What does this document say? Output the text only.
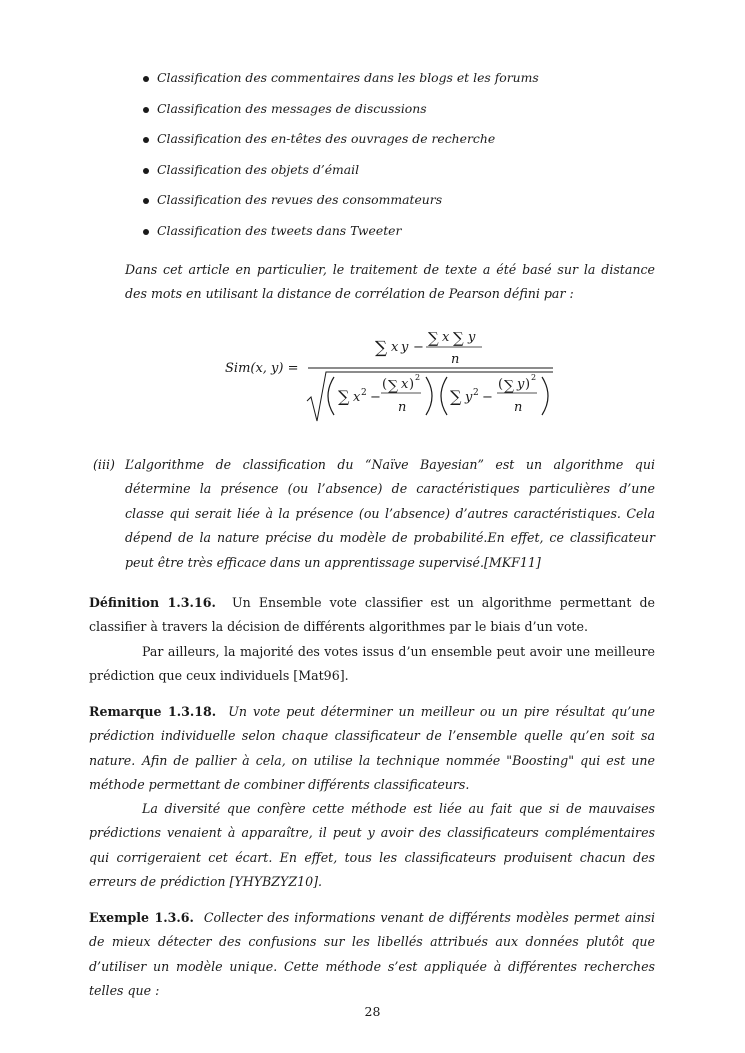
Classification des commentaires dans les blogs et les forums
Classification des messages de discussions
Classification des en-têtes des ouvrages de recherche
Classification des objets d’émail
Classification des revues des consommateurs
Classification des tweets dans Tweeter

Dans cet article en particulier, le traitement de texte a été basé sur la distance des mots en utilisant la distance de corrélation de Pearson défini par :

Sim(x, y) =
∑ x y −
∑ x ∑ y
n
∑ x 2 −
( ∑ x ) 2
n
∑ y 2 −
( ∑ y ) 2
n
(iii) L’algorithme de classification du “Naïve Bayesian” est un algorithme qui détermine la présence (ou l’absence) de caractéristiques particulières d’une classe qui serait liée à la présence (ou l’absence) d’autres caractéristiques. Cela dépend de la nature précise du modèle de probabilité.En effet, ce classificateur peut être très efficace dans un apprentissage supervisé.[MKF11]

Définition 1.3.16. Un Ensemble vote classifier est un algorithme permettant de classifier à travers la décision de différents algorithmes par le biais d’un vote.

Par ailleurs, la majorité des votes issus d’un ensemble peut avoir une meilleure prédiction que ceux individuels [Mat96].

Remarque 1.3.18. Un vote peut déterminer un meilleur ou un pire résultat qu’une prédiction individuelle selon chaque classificateur de l’ensemble quelle qu’en soit sa nature. Afin de pallier à cela, on utilise la technique nommée "Boosting" qui est une méthode permettant de combiner différents classificateurs.

La diversité que confère cette méthode est liée au fait que si de mauvaises prédictions venaient à apparaître, il peut y avoir des classificateurs complémentaires qui corrigeraient cet écart. En effet, tous les classificateurs produisent chacun des erreurs de prédiction [YHYBZYZ10].

Exemple 1.3.6. Collecter des informations venant de différents modèles permet ainsi de mieux détecter des confusions sur les libellés attribués aux données plutôt que d’utiliser un modèle unique. Cette méthode s’est appliquée à différentes recherches telles que :

28
